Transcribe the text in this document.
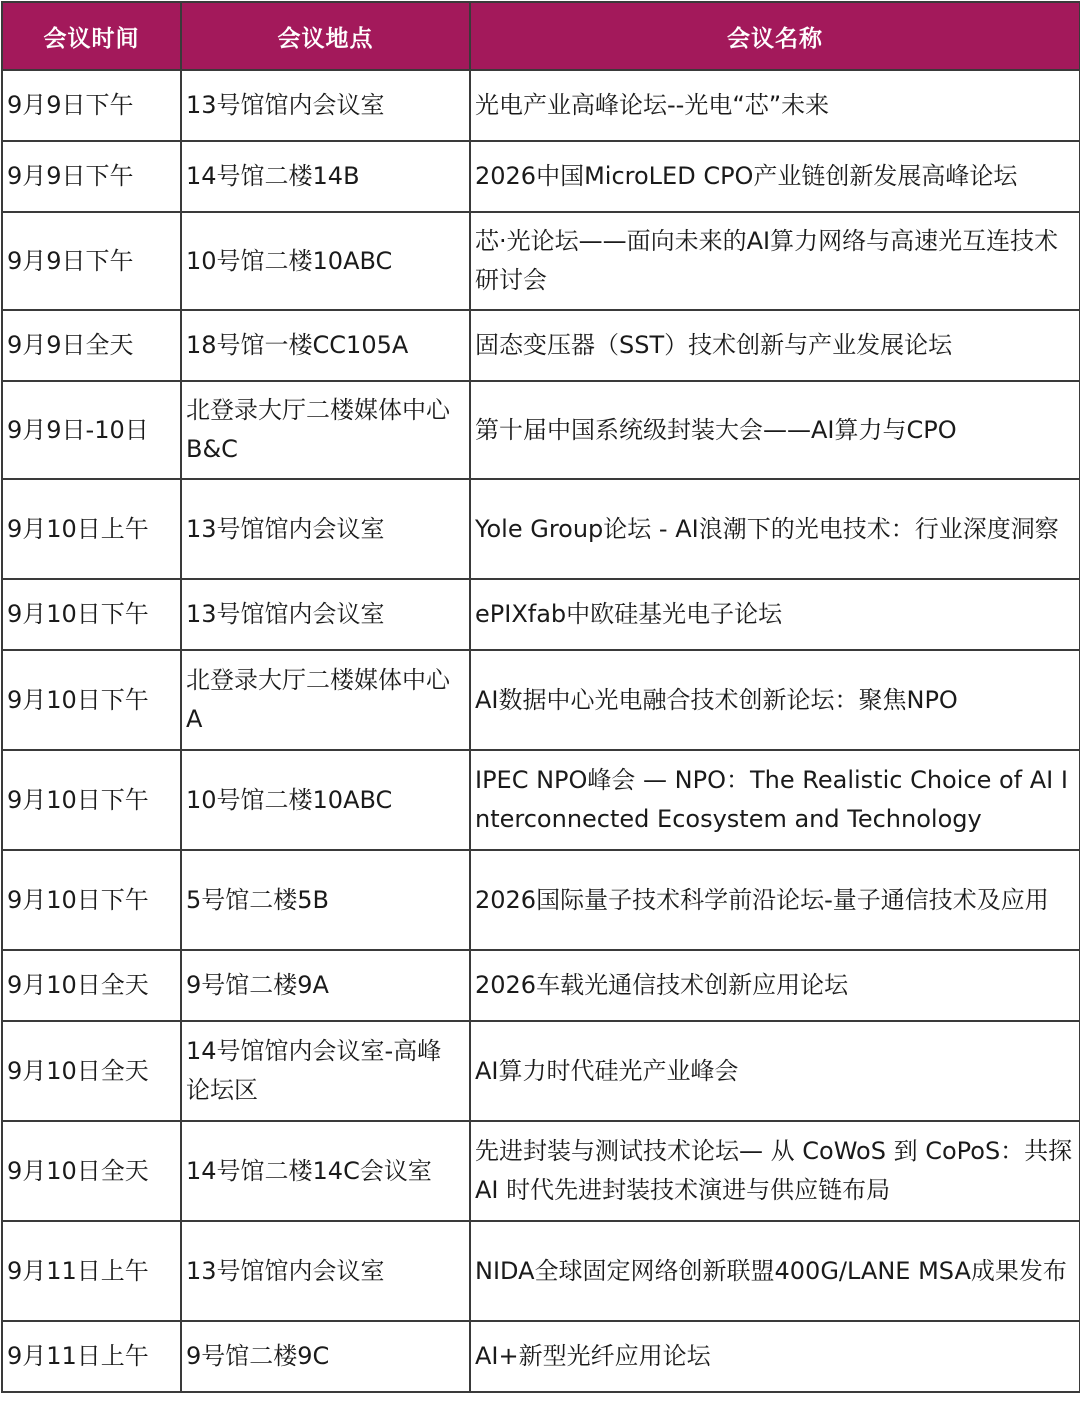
会议时间	会议地点	会议名称
9月9日下午	13号馆馆内会议室	光电产业高峰论坛--光电“芯”未来
9月9日下午	14号馆二楼14B	2026中国MicroLED CPO产业链创新发展高峰论坛
9月9日下午	10号馆二楼10ABC	芯·光论坛——面向未来的AI算力网络与高速光互连技术研讨会
9月9日全天	18号馆一楼CC105A	固态变压器（SST）技术创新与产业发展论坛
9月9日-10日	北登录大厅二楼媒体中心B&C	第十届中国系统级封装大会——AI算力与CPO
9月10日上午	13号馆馆内会议室	Yole Group论坛 - AI浪潮下的光电技术：行业深度洞察
9月10日下午	13号馆馆内会议室	ePIXfab中欧硅基光电子论坛
9月10日下午	北登录大厅二楼媒体中心A	AI数据中心光电融合技术创新论坛：聚焦NPO
9月10日下午	10号馆二楼10ABC	IPEC NPO峰会 — NPO：The Realistic Choice of AI Interconnected Ecosystem and Technology
9月10日下午	5号馆二楼5B	2026国际量子技术科学前沿论坛-量子通信技术及应用
9月10日全天	9号馆二楼9A	2026车载光通信技术创新应用论坛
9月10日全天	14号馆馆内会议室-高峰论坛区	AI算力时代硅光产业峰会
9月10日全天	14号馆二楼14C会议室	先进封装与测试技术论坛— 从 CoWoS 到 CoPoS：共探 AI 时代先进封装技术演进与供应链布局
9月11日上午	13号馆馆内会议室	NIDA全球固定网络创新联盟400G/LANE MSA成果发布
9月11日上午	9号馆二楼9C	AI+新型光纤应用论坛
